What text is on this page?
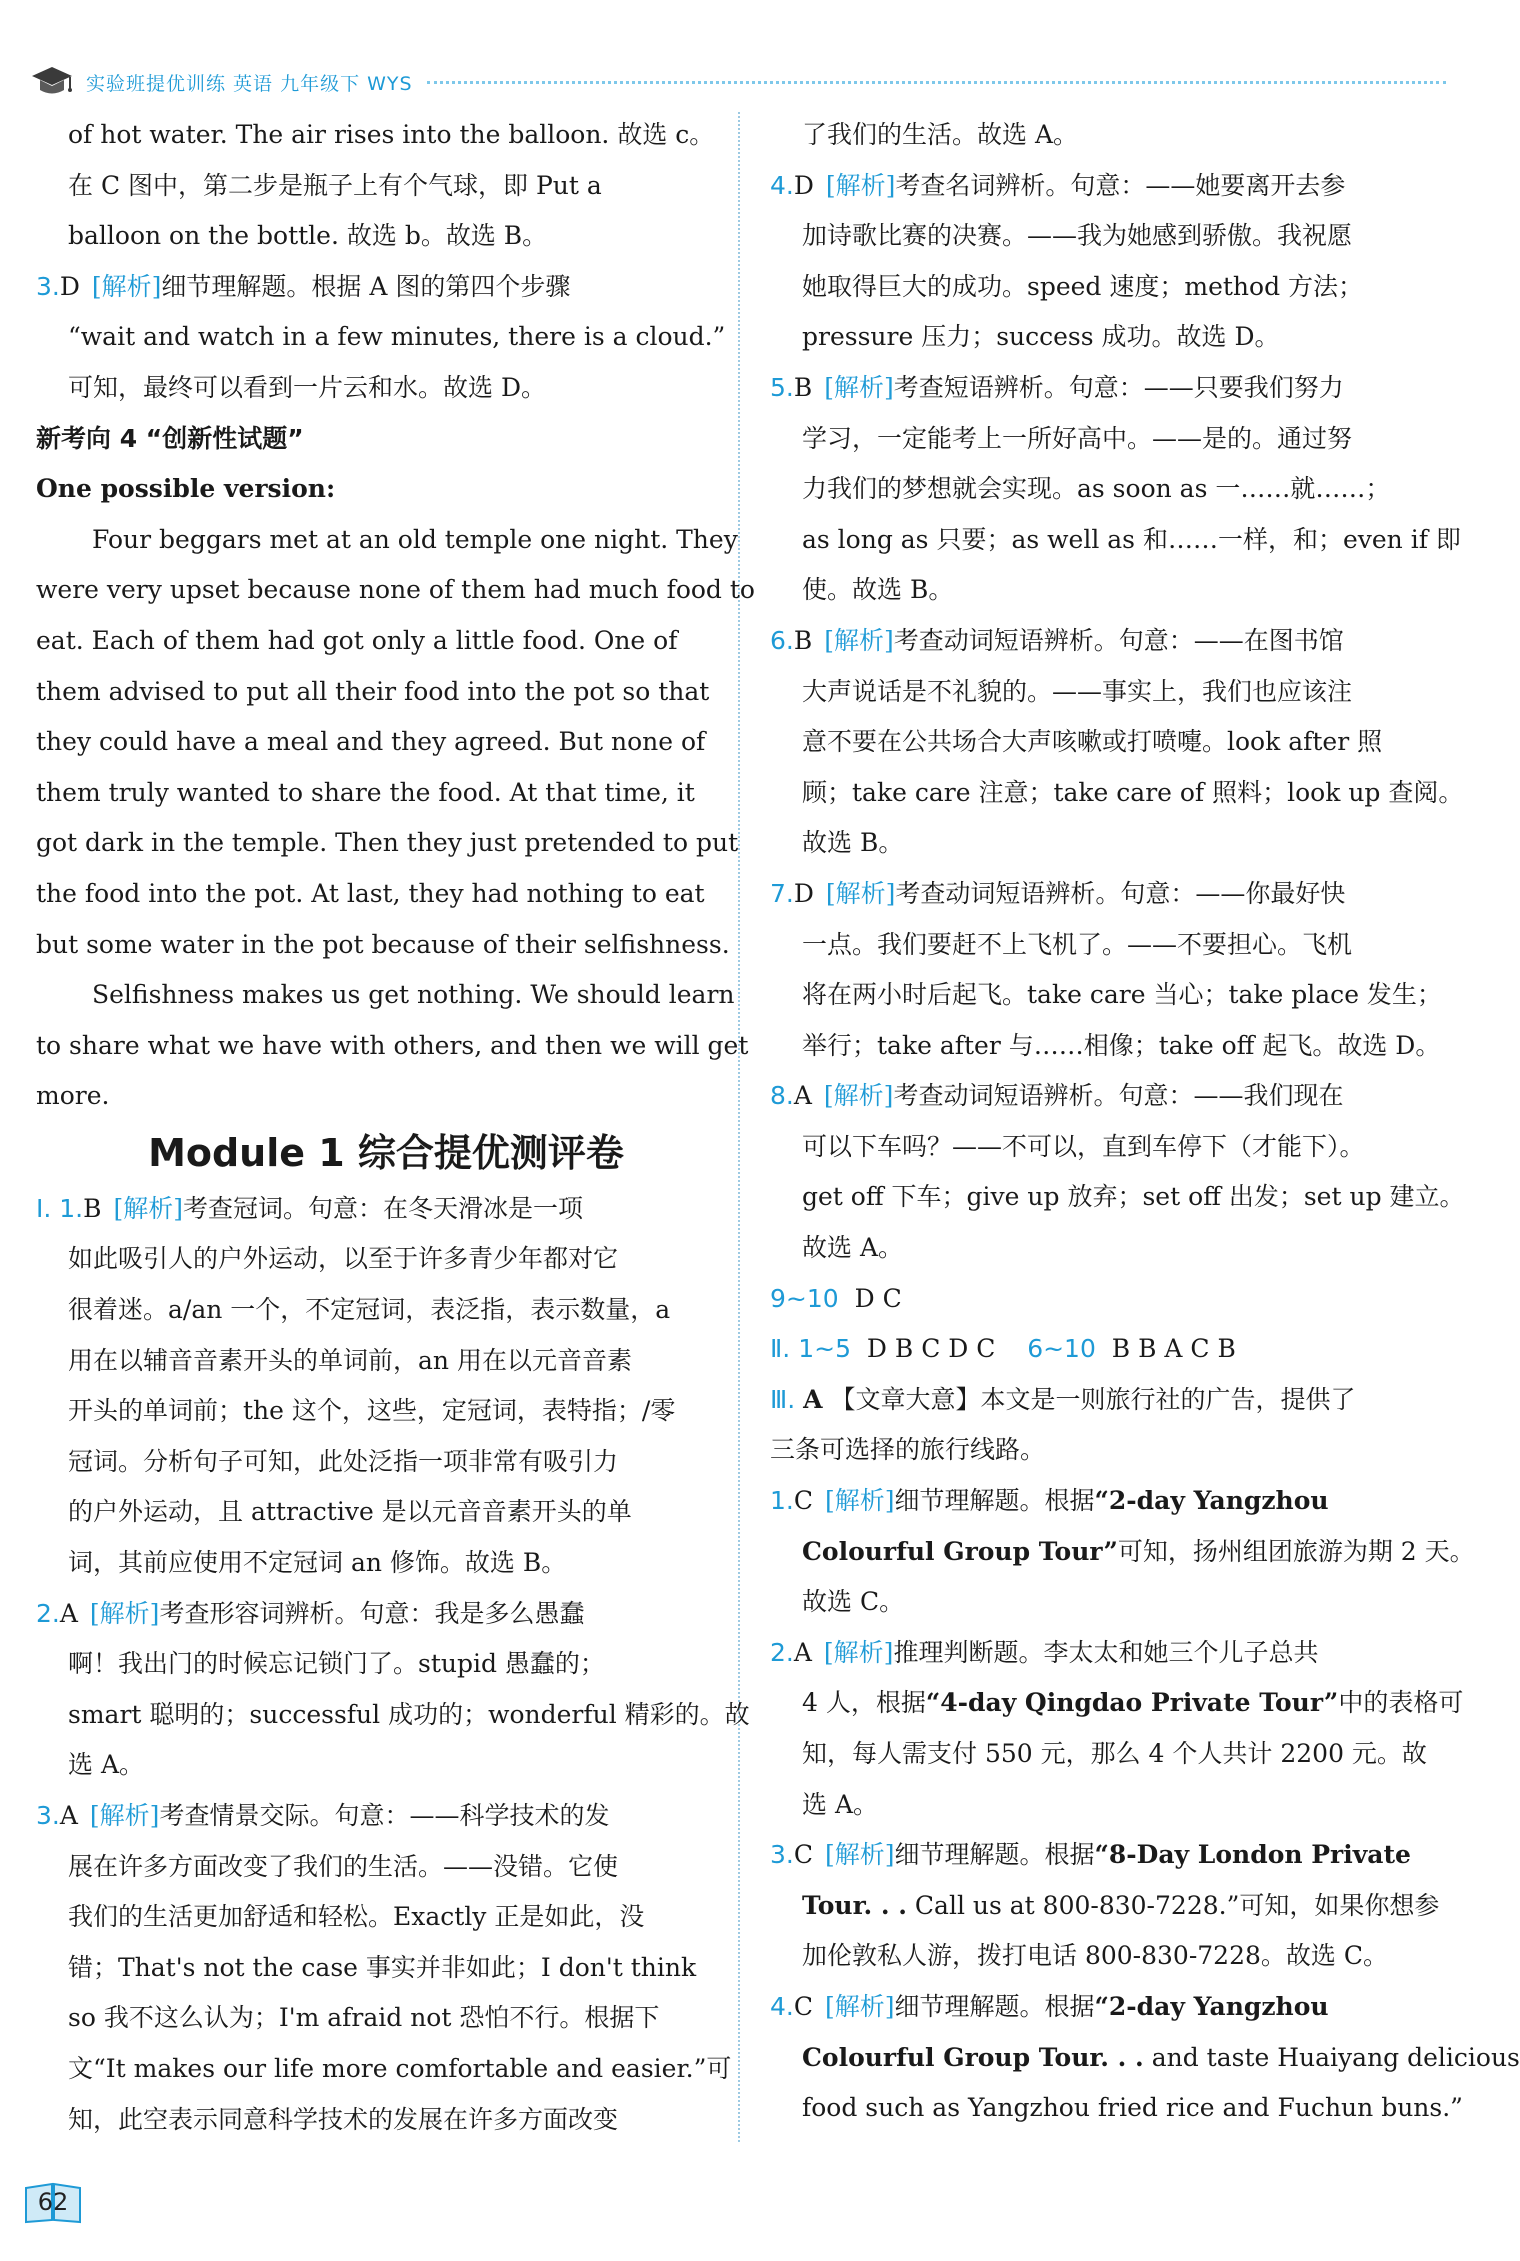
实验班提优训练 英语 九年级下 WYS
of hot water. The air rises into the balloon. 故选 c。
在 C 图中，第二步是瓶子上有个气球，即 Put a
balloon on the bottle. 故选 b。故选 B。
3.D [解析]细节理解题。根据 A 图的第四个步骤
“wait and watch in a few minutes, there is a cloud.”
可知，最终可以看到一片云和水。故选 D。
新考向 4 “创新性试题”
One possible version:
Four beggars met at an old temple one night. They
were very upset because none of them had much food to
eat. Each of them had got only a little food. One of
them advised to put all their food into the pot so that
they could have a meal and they agreed. But none of
them truly wanted to share the food. At that time, it
got dark in the temple. Then they just pretended to put
the food into the pot. At last, they had nothing to eat
but some water in the pot because of their selfishness.
Selfishness makes us get nothing. We should learn
to share what we have with others, and then we will get
more.
Module 1 综合提优测评卷
Ⅰ. 1.B [解析]考查冠词。句意：在冬天滑冰是一项
如此吸引人的户外运动，以至于许多青少年都对它
很着迷。a/an 一个，不定冠词，表泛指，表示数量，a
用在以辅音音素开头的单词前，an 用在以元音音素
开头的单词前；the 这个，这些，定冠词，表特指；/零
冠词。分析句子可知，此处泛指一项非常有吸引力
的户外运动，且 attractive 是以元音音素开头的单
词，其前应使用不定冠词 an 修饰。故选 B。
2.A [解析]考查形容词辨析。句意：我是多么愚蠢
啊！我出门的时候忘记锁门了。stupid 愚蠢的；
smart 聪明的；successful 成功的；wonderful 精彩的。故
选 A。
3.A [解析]考查情景交际。句意：——科学技术的发
展在许多方面改变了我们的生活。——没错。它使
我们的生活更加舒适和轻松。Exactly 正是如此，没
错；That's not the case 事实并非如此；I don't think
so 我不这么认为；I'm afraid not 恐怕不行。根据下
文“It makes our life more comfortable and easier.”可
知，此空表示同意科学技术的发展在许多方面改变
了我们的生活。故选 A。
4.D [解析]考查名词辨析。句意：——她要离开去参
加诗歌比赛的决赛。——我为她感到骄傲。我祝愿
她取得巨大的成功。speed 速度；method 方法；
pressure 压力；success 成功。故选 D。
5.B [解析]考查短语辨析。句意：——只要我们努力
学习，一定能考上一所好高中。——是的。通过努
力我们的梦想就会实现。as soon as 一……就……；
as long as 只要；as well as 和……一样，和；even if 即
使。故选 B。
6.B [解析]考查动词短语辨析。句意：——在图书馆
大声说话是不礼貌的。——事实上，我们也应该注
意不要在公共场合大声咳嗽或打喷嚏。look after 照
顾；take care 注意；take care of 照料；look up 查阅。
故选 B。
7.D [解析]考查动词短语辨析。句意：——你最好快
一点。我们要赶不上飞机了。——不要担心。飞机
将在两小时后起飞。take care 当心；take place 发生；
举行；take after 与……相像；take off 起飞。故选 D。
8.A [解析]考查动词短语辨析。句意：——我们现在
可以下车吗？——不可以，直到车停下（才能下）。
get off 下车；give up 放弃；set off 出发；set up 建立。
故选 A。
9~10 D C
Ⅱ. 1~5 D B C D C 6~10 B B A C B
Ⅲ. A 【文章大意】本文是一则旅行社的广告，提供了
三条可选择的旅行线路。
1.C [解析]细节理解题。根据“2-day Yangzhou
Colourful Group Tour”可知，扬州组团旅游为期 2 天。
故选 C。
2.A [解析]推理判断题。李太太和她三个儿子总共
4 人，根据“4-day Qingdao Private Tour”中的表格可
知，每人需支付 550 元，那么 4 个人共计 2200 元。故
选 A。
3.C [解析]细节理解题。根据“8-Day London Private
Tour. . . Call us at 800-830-7228.”可知，如果你想参
加伦敦私人游，拨打电话 800-830-7228。故选 C。
4.C [解析]细节理解题。根据“2-day Yangzhou
Colourful Group Tour. . . and taste Huaiyang delicious
food such as Yangzhou fried rice and Fuchun buns.”
62
